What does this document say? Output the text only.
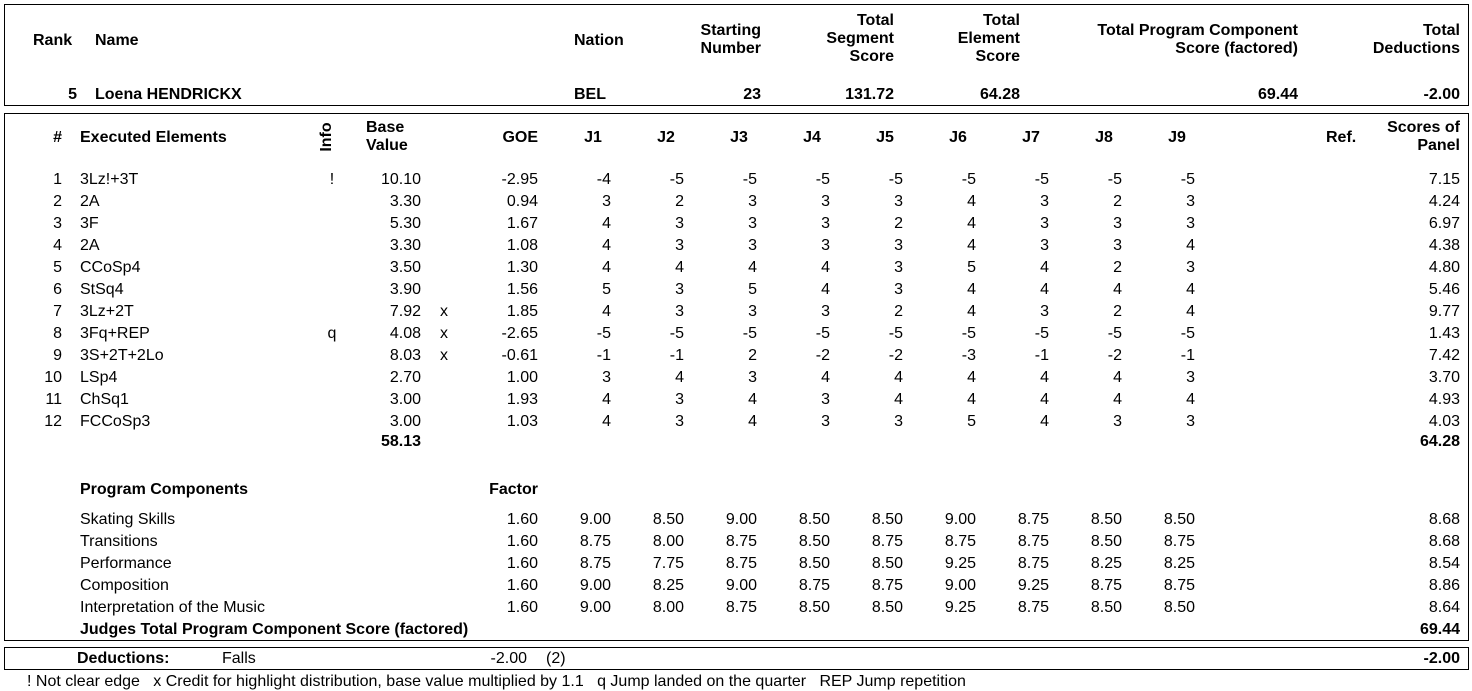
Rank Name	Nation
Starting
Number
Total
Segment
Score
Total
Element
Score
Total Program Component
Score (factored)
Total
Deductions
5 Loena HENDRICKX	BEL	23	131.72	64.28	69.44	-2.00
# Executed Elements	Info Base
Value	GOE	J1	J2	J3	J4	J5	J6	J7	J8	J9	Ref.
Scores of
Panel
1 3Lz!+3T	!	10.10	-2.95	-4	-5	-5	-5	-5	-5	-5	-5	-5	7.15
2 2A	3.30	0.94	3	2	3	3	3	4	3	2	3	4.24
3 3F	5.30	1.67	4	3	3	3	2	4	3	3	3	6.97
4 2A	3.30	1.08	4	3	3	3	3	4	3	3	4	4.38
5 CCoSp4	3.50	1.30	4	4	4	4	3	5	4	2	3	4.80
6 StSq4	3.90	1.56	5	3	5	4	3	4	4	4	4	5.46
7 3Lz+2T	7.92	x	1.85	4	3	3	3	2	4	3	2	4	9.77
8 3Fq+REP	q	4.08	x	-2.65	-5	-5	-5	-5	-5	-5	-5	-5	-5	1.43
9 3S+2T+2Lo	8.03	x	-0.61	-1	-1	2	-2	-2	-3	-1	-2	-1	7.42
10 LSp4	2.70	1.00	3	4	3	4	4	4	4	4	3	3.70
11 ChSq1	3.00	1.93	4	3	4	3	4	4	4	4	4	4.93
12 FCCoSp3	3.00	1.03	4	3	4	3	3	5	4	3	3	4.03
58.13	64.28
Program Components	Factor
Skating Skills	1.60	9.00	8.50	9.00	8.50	8.50	9.00	8.75	8.50	8.50	8.68
Transitions	1.60	8.75	8.00	8.75	8.50	8.75	8.75	8.75	8.50	8.75	8.68
Performance	1.60	8.75	7.75	8.75	8.50	8.50	9.25	8.75	8.25	8.25	8.54
Composition	1.60	9.00	8.25	9.00	8.75	8.75	9.00	9.25	8.75	8.75	8.86
Interpretation of the Music	1.60	9.00	8.00	8.75	8.50	8.50	9.25	8.75	8.50	8.50	8.64
Judges Total Program Component Score (factored)	69.44
Deductions:	Falls	-2.00 (2)	-2.00
! Not clear edge   x Credit for highlight distribution, base value multiplied by 1.1   q Jump landed on the quarter   REP Jump repetition
